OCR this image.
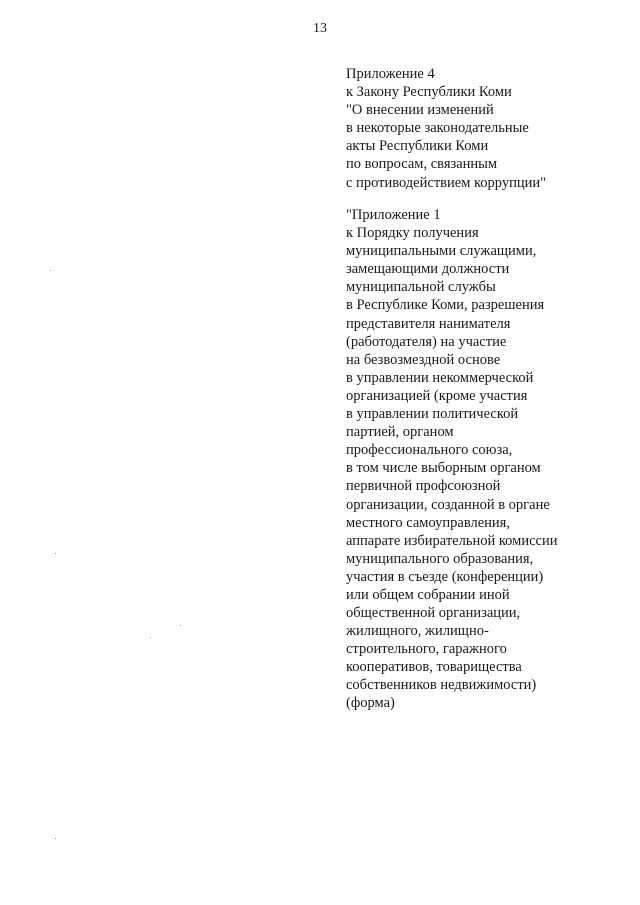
13
Приложение 4
к Закону Республики Коми
"О внесении изменений
в некоторые законодательные
акты Республики Коми
по вопросам, связанным
с противодействием коррупции"
"Приложение 1
к Порядку получения
муниципальными служащими,
замещающими должности
муниципальной службы
в Республике Коми, разрешения
представителя нанимателя
(работодателя) на участие
на безвозмездной основе
в управлении некоммерческой
организацией (кроме участия
в управлении политической
партией, органом
профессионального союза,
в том числе выборным органом
первичной профсоюзной
организации, созданной в органе
местного самоуправления,
аппарате избирательной комиссии
муниципального образования,
участия в съезде (конференции)
или общем собрании иной
общественной организации,
жилищного, жилищно-
строительного, гаражного
кооперативов, товарищества
собственников недвижимости)
(форма)
